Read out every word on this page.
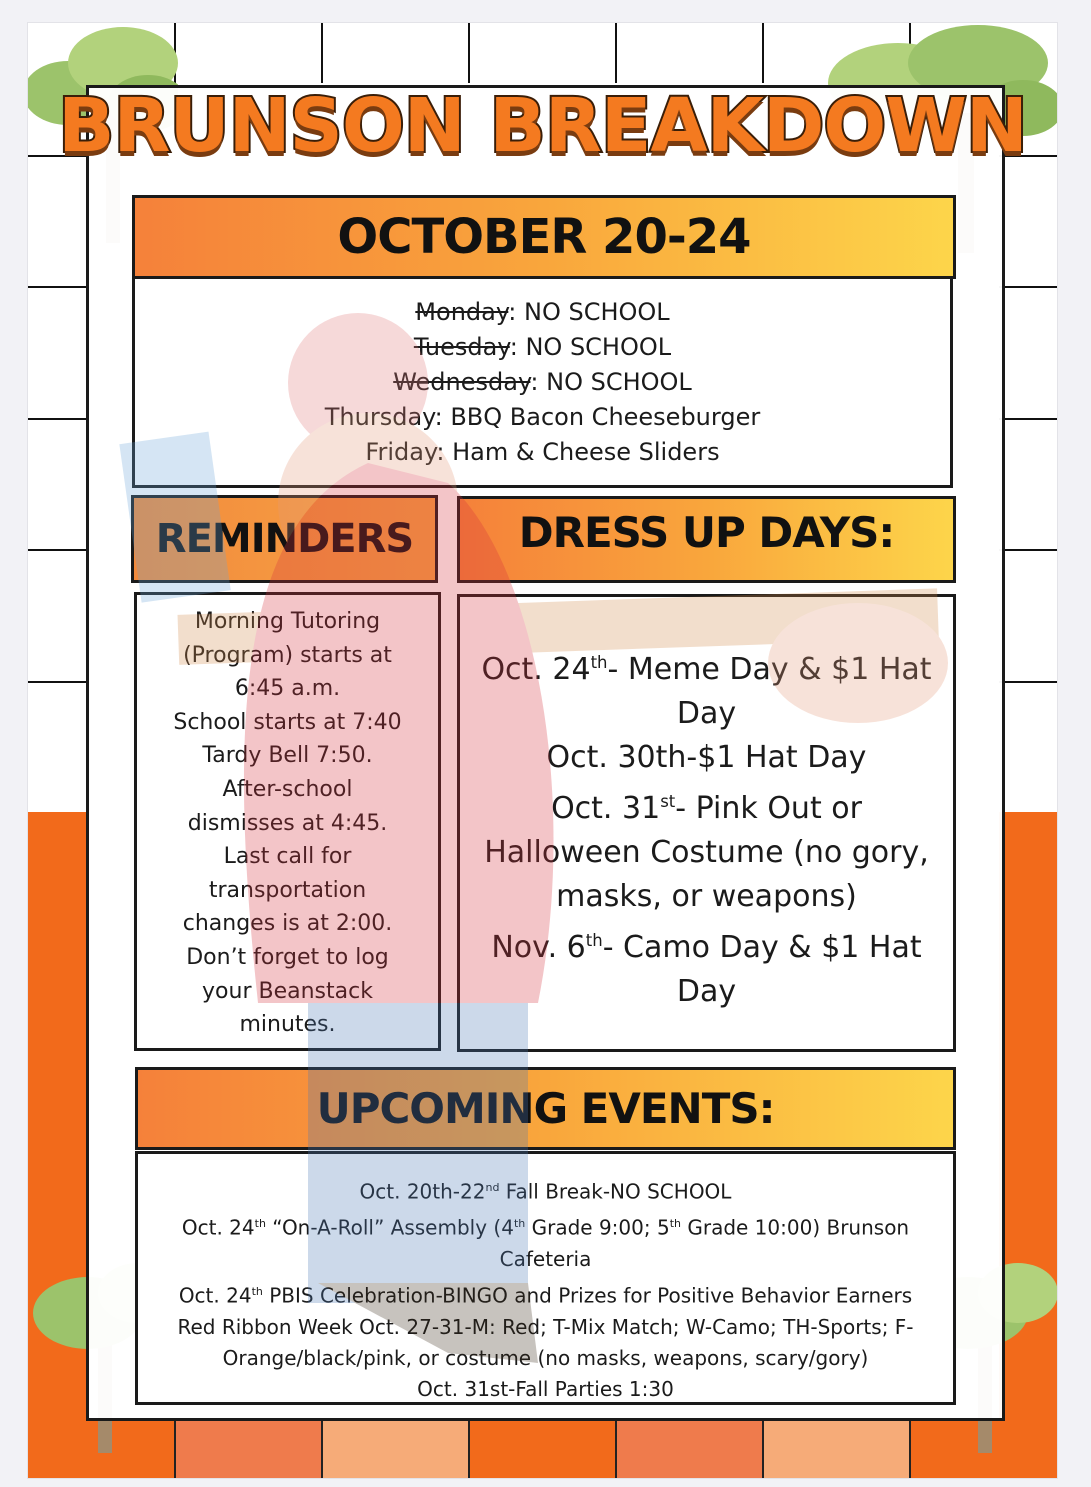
BRUNSON BREAKDOWN
OCTOBER 20-24
Monday: NO SCHOOL
Tuesday: NO SCHOOL
Wednesday: NO SCHOOL
Thursday: BBQ Bacon Cheeseburger
Friday: Ham & Cheese Sliders
REMINDERS
Morning Tutoring
(Program) starts at
6:45 a.m.
School starts at 7:40
Tardy Bell 7:50.
After-school
dismisses at 4:45.
Last call for
transportation
changes is at 2:00.
Don’t forget to log
your Beanstack
minutes.
DRESS UP DAYS:
Oct. 24th- Meme Day & $1 Hat
Day
Oct. 30th-$1 Hat Day
Oct. 31st- Pink Out or
Halloween Costume (no gory,
masks, or weapons)
Nov. 6th- Camo Day & $1 Hat
Day
UPCOMING EVENTS:
Oct. 20th-22nd Fall Break-NO SCHOOL
Oct. 24th “On-A-Roll” Assembly (4th Grade 9:00; 5th Grade 10:00) Brunson
Cafeteria
Oct. 24th PBIS Celebration-BINGO and Prizes for Positive Behavior Earners
Red Ribbon Week Oct. 27-31-M: Red; T-Mix Match; W-Camo; TH-Sports; F-
Orange/black/pink, or costume (no masks, weapons, scary/gory)
Oct. 31st-Fall Parties 1:30
